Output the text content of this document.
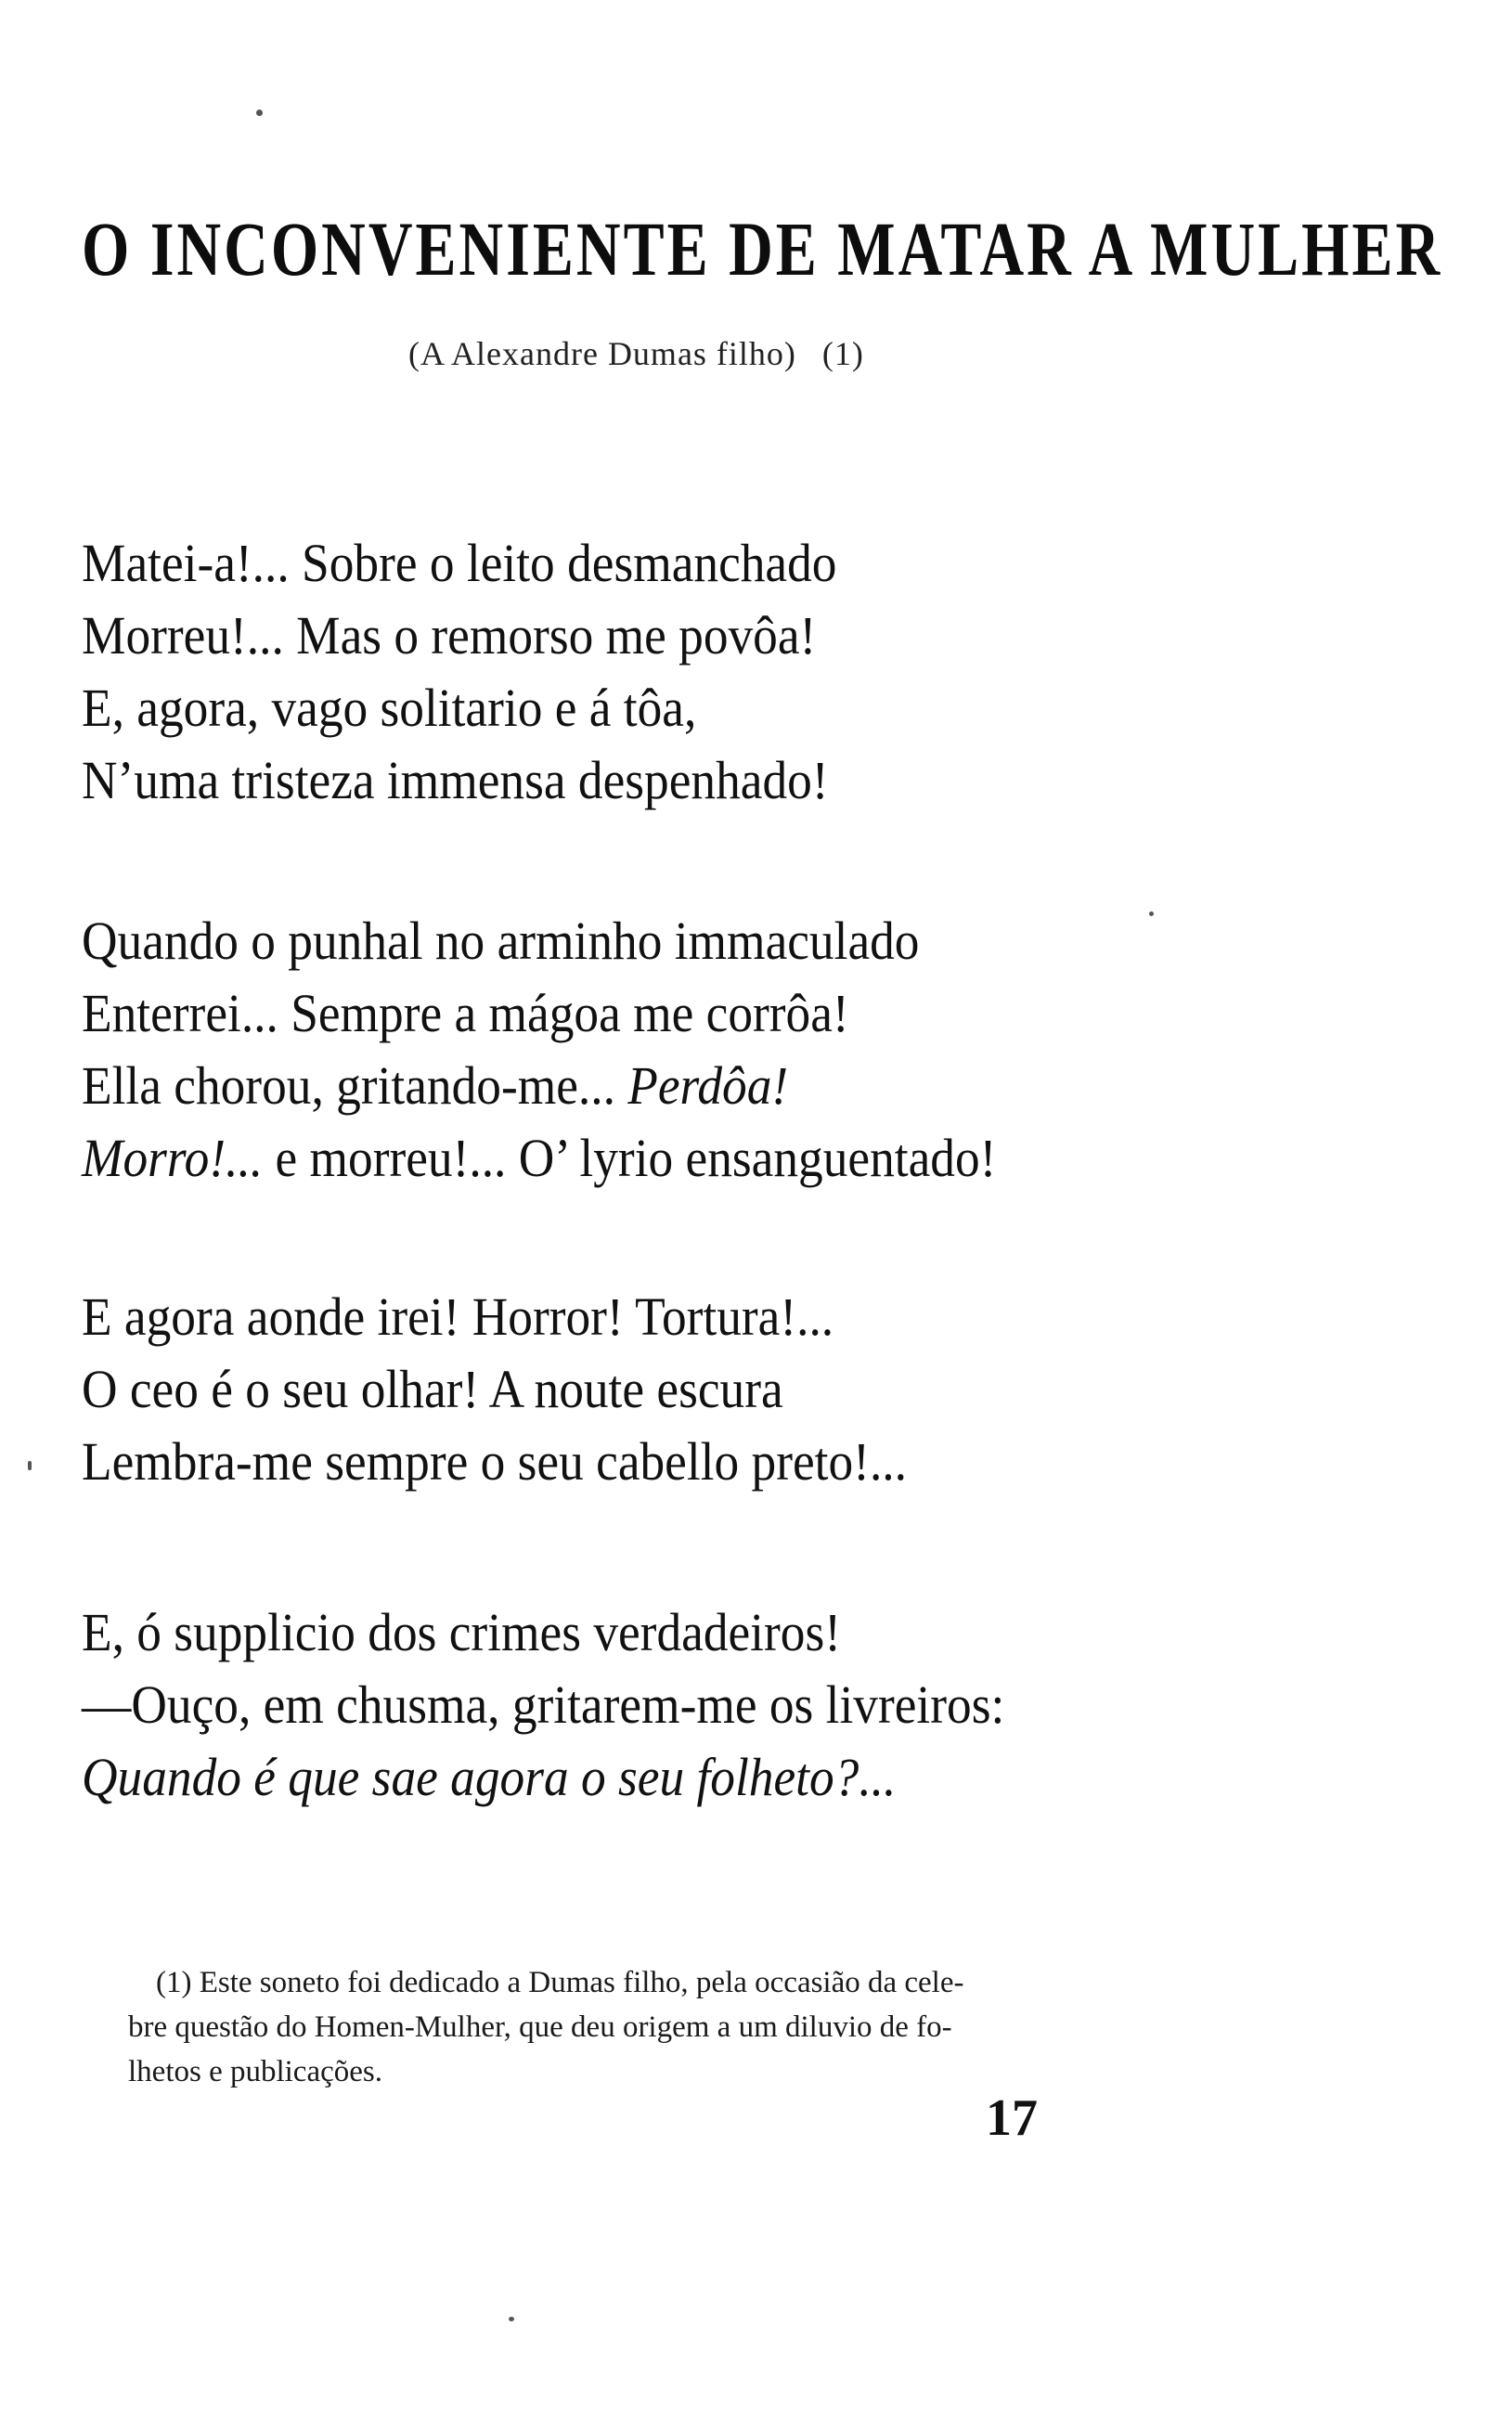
O INCONVENIENTE DE MATAR A MULHER
(A Alexandre Dumas filho) (1)
Matei-a!... Sobre o leito desmanchado
Morreu!... Mas o remorso me povôa!
E, agora, vago solitario e á tôa,
N’uma tristeza immensa despenhado!
Quando o punhal no arminho immaculado
Enterrei... Sempre a mágoa me corrôa!
Ella chorou, gritando-me... Perdôa!
Morro!... e morreu!... O’ lyrio ensanguentado!
E agora aonde irei! Horror! Tortura!...
O ceo é o seu olhar! A noute escura
Lembra-me sempre o seu cabello preto!...
E, ó supplicio dos crimes verdadeiros!
—Ouço, em chusma, gritarem-me os livreiros:
Quando é que sae agora o seu folheto?...
(1) Este soneto foi dedicado a Dumas filho, pela occasião da cele-
bre questão do Homen-Mulher, que deu origem a um diluvio de fo-
lhetos e publicações.
17
